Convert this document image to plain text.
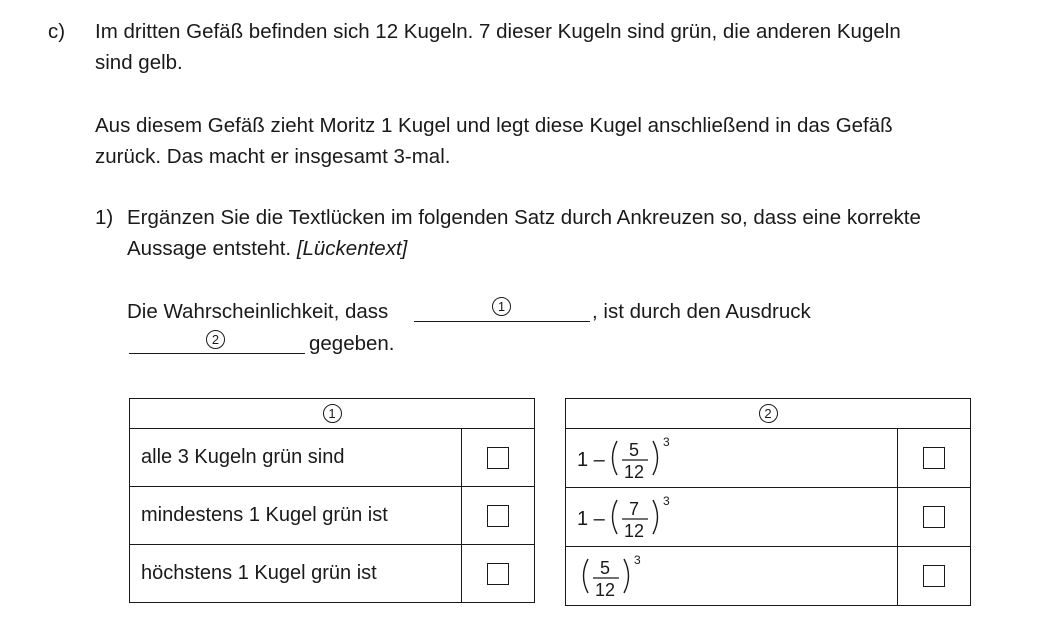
c) Im dritten Gefäß befinden sich 12 Kugeln. 7 dieser Kugeln sind grün, die anderen Kugeln
sind gelb.
Aus diesem Gefäß zieht Moritz 1 Kugel und legt diese Kugel anschließend in das Gefäß
zurück. Das macht er insgesamt 3-mal.
1) Ergänzen Sie die Textlücken im folgenden Satz durch Ankreuzen so, dass eine korrekte
Aussage entsteht. [Lückentext]
Die Wahrscheinlichkeit, dass	1	, ist durch den Ausdruck
2	gegeben.
1	
alle 3 Kugeln grün sind	
mindestens 1 Kugel grün ist	
höchstens 1 Kugel grün ist	
2	

1 – 5
12
3	

1 – 7
12
3	

5
12
3	
